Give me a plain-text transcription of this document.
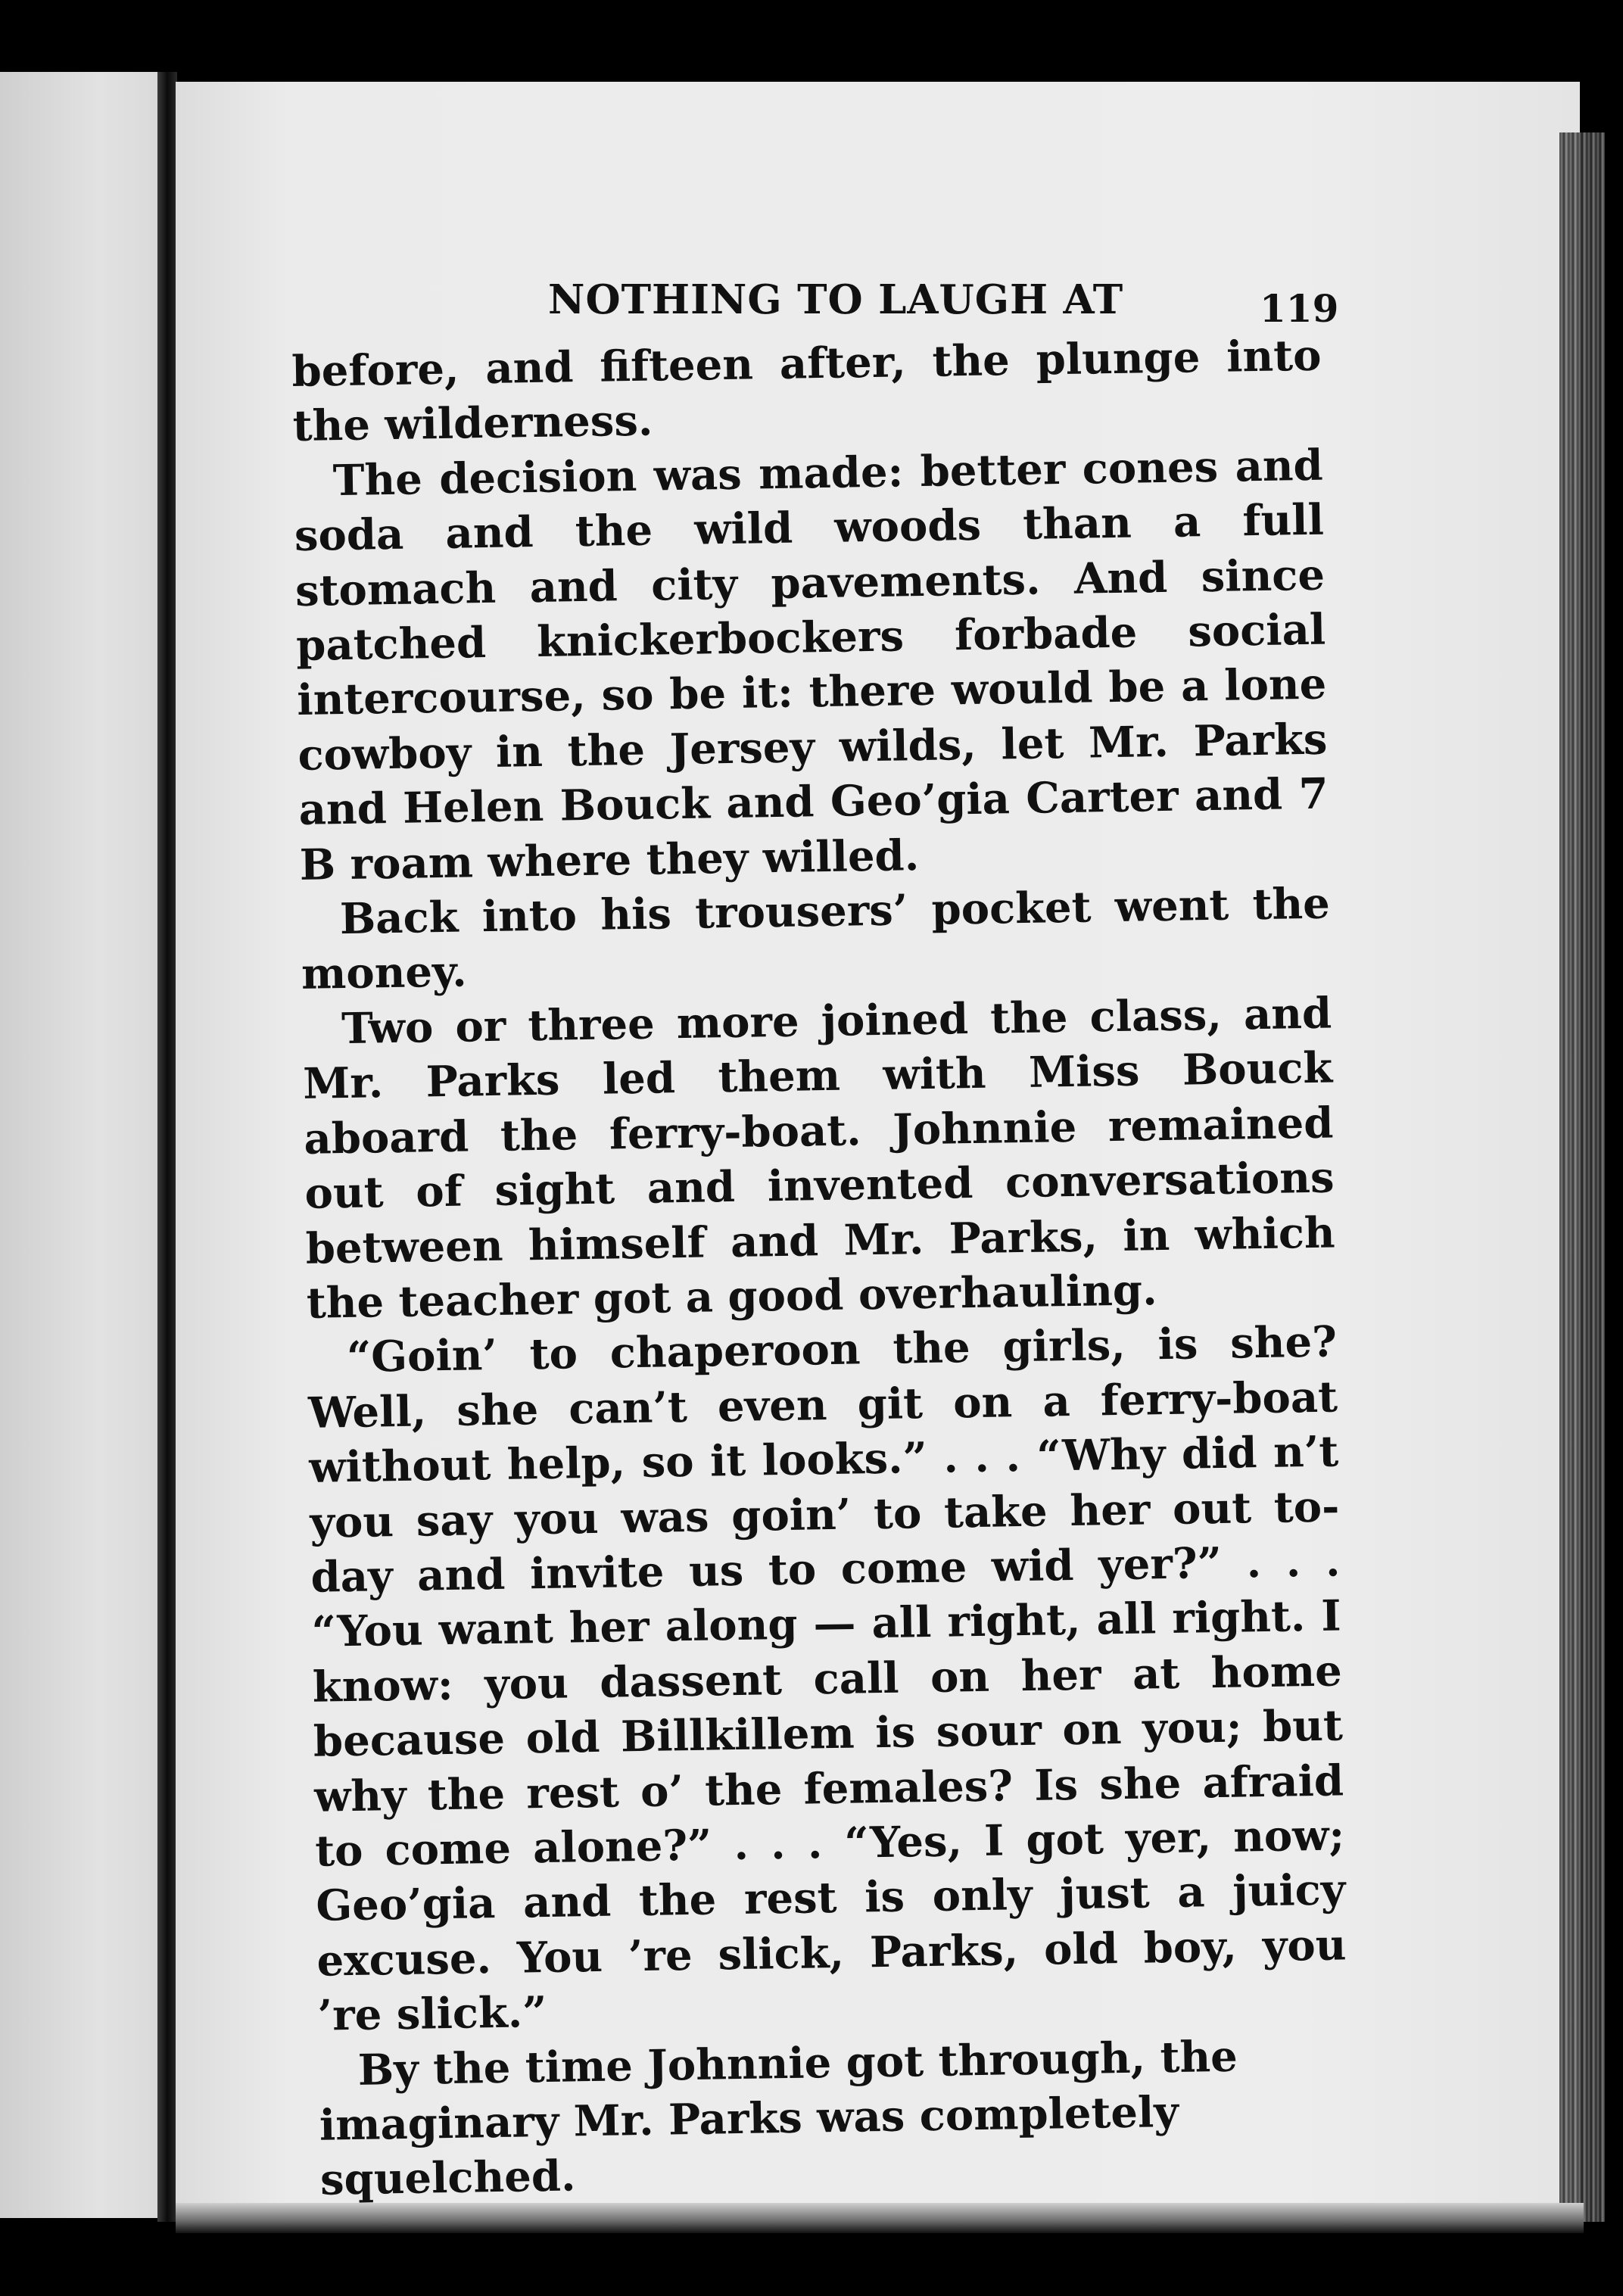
NOTHING TO LAUGH AT	119

before, and fifteen after, the plunge into the wilderness.

The decision was made: better cones and soda and the wild woods than a full stomach and city pavements. And since patched knickerbockers forbade social intercourse, so be it: there would be a lone cowboy in the Jersey wilds, let Mr. Parks and Helen Bouck and Geo’gia Carter and 7 B roam where they willed.

Back into his trousers’ pocket went the money.

Two or three more joined the class, and Mr. Parks led them with Miss Bouck aboard the ferry-boat. Johnnie remained out of sight and invented conversations between himself and Mr. Parks, in which the teacher got a good overhauling.

“Goin’ to chaperoon the girls, is she? Well, she can’t even git on a ferry-boat without help, so it looks.” . . . “Why did n’t you say you was goin’ to take her out to-day and invite us to come wid yer?” . . . “You want her along — all right, all right. I know: you dassent call on her at home because old Billkillem is sour on you; but why the rest o’ the females? Is she afraid to come alone?” . . . “Yes, I got yer, now; Geo’gia and the rest is only just a juicy excuse. You ’re slick, Parks, old boy, you ’re slick.”

By the time Johnnie got through, the imaginary Mr. Parks was completely squelched.
